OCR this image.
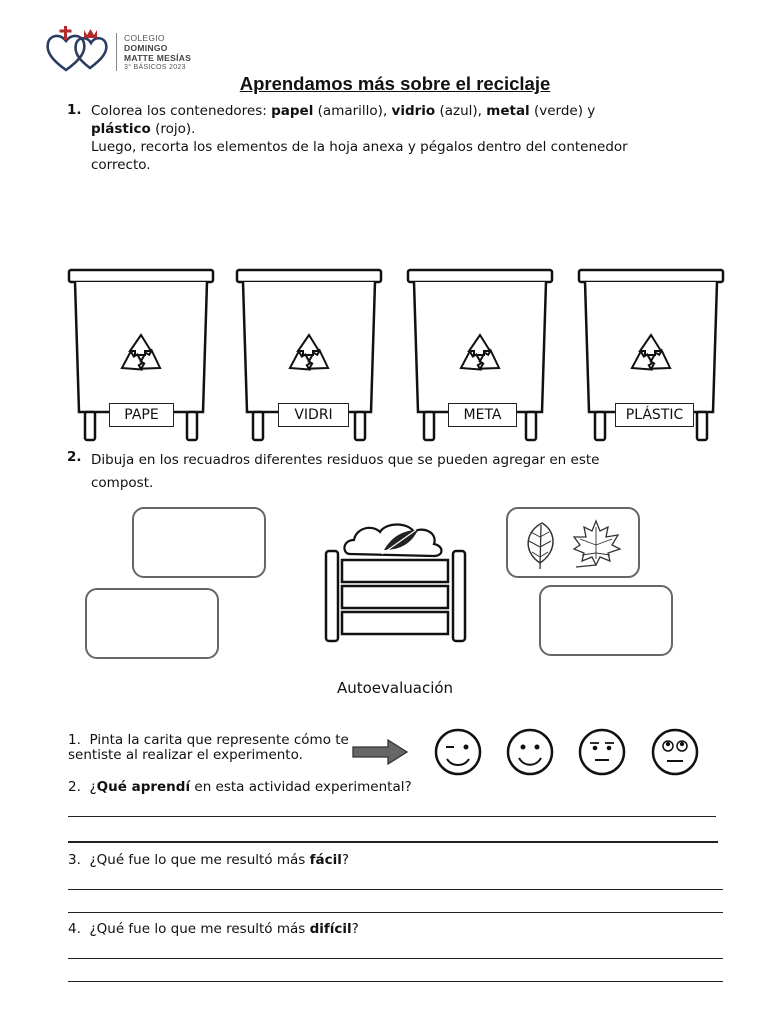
COLEGIO
DOMINGO
MATTE MESÍAS
3° BÁSICOS 2023
Aprendamos más sobre el reciclaje
1. Colorea los contenedores: papel (amarillo), vidrio (azul), metal (verde) y
plástico (rojo).
Luego, recorta los elementos de la hoja anexa y pégalos dentro del contenedor
correcto.
PAPE	VIDRI	META	PLÁSTIC
2. Dibuja en los recuadros diferentes residuos que se pueden agregar en este
compost.
Autoevaluación
1. Pinta la carita que represente cómo te
sentiste al realizar el experimento.
2. ¿Qué aprendí en esta actividad experimental?
3. ¿Qué fue lo que me resultó más fácil?
4. ¿Qué fue lo que me resultó más difícil?
